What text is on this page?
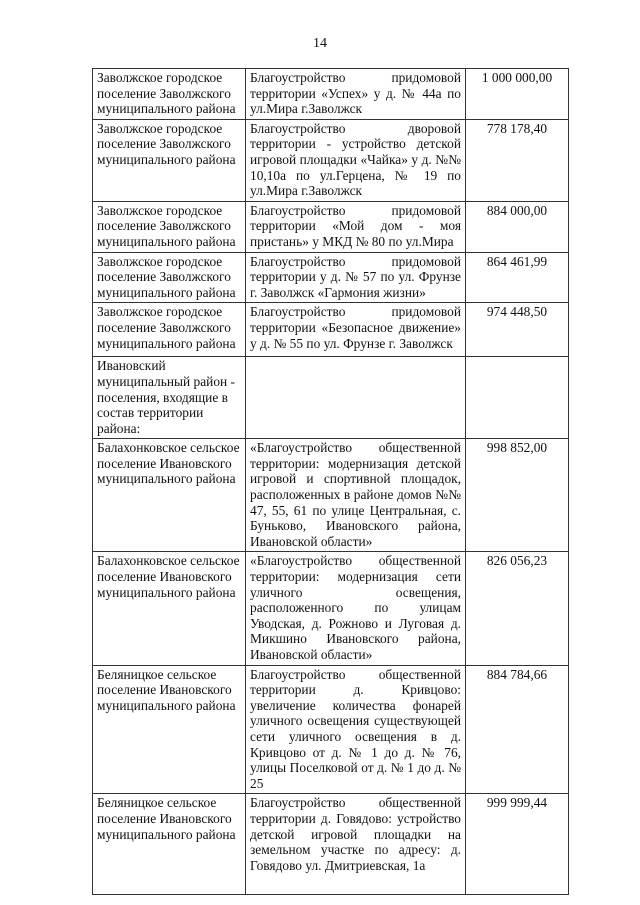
14
Заволжское городское поселение Заволжского муниципального района	Благоустройство придомовой территории «Успех» у д. № 44а по ул.Мира г.Заволжск	1 000 000,00
Заволжское городское поселение Заволжского муниципального района	Благоустройство дворовой территории - устройство детской игровой площадки «Чайка» у д. №№ 10,10а по ул.Герцена, № 19 по ул.Мира г.Заволжск	778 178,40
Заволжское городское поселение Заволжского муниципального района	Благоустройство придомовой территории «Мой дом - моя пристань» у МКД № 80 по ул.Мира	884 000,00
Заволжское городское поселение Заволжского муниципального района	Благоустройство придомовой территории у д. № 57 по ул. Фрунзе г. Заволжск «Гармония жизни»	864 461,99
Заволжское городское поселение Заволжского муниципального района	Благоустройство придомовой территории «Безопасное движение» у д. № 55 по ул. Фрунзе г. Заволжск	974 448,50
Ивановский муниципальный район - поселения, входящие в состав территории района:		
Балахонковское сельское поселение Ивановского муниципального района	«Благоустройство общественной территории: модернизация детской игровой и спортивной площадок, расположенных в районе домов №№ 47, 55, 61 по улице Центральная, с. Буньково, Ивановского района, Ивановской области»	998 852,00
Балахонковское сельское поселение Ивановского муниципального района	«Благоустройство общественной территории: модернизация сети уличного освещения, расположенного по улицам Уводская, д. Рожново и Луговая д. Микшино Ивановского района, Ивановской области»	826 056,23
Беляницкое сельское поселение Ивановского муниципального района	Благоустройство общественной территории д. Кривцово: увеличение количества фонарей уличного освещения существующей сети уличного освещения в д. Кривцово от д. № 1 до д. № 76, улицы Поселковой от д. № 1 до д. № 25	884 784,66
Беляницкое сельское поселение Ивановского муниципального района	Благоустройство общественной территории д. Говядово: устройство детской игровой площадки на земельном участке по адресу: д. Говядово ул. Дмитриевская, 1а	999 999,44
